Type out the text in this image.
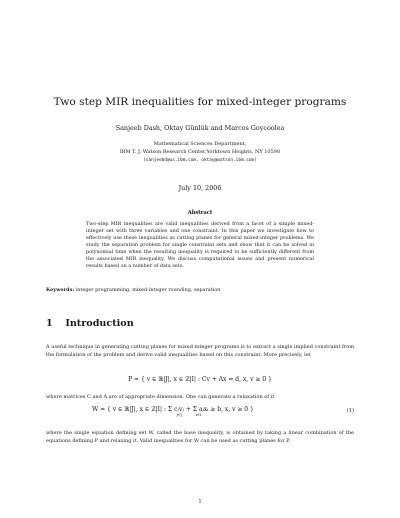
Two step MIR inequalities for mixed-integer programs
Sanjeeb Dash, Oktay Günlük and Marcos Goycoolea
Mathematical Sciences Department,
IBM T. J. Watson Research Center,Yorktown Heights, NY 10598
(sanjeebd@us.ibm.com, oktay@watson.ibm.com)
July 10, 2006
Abstract
Two-step MIR inequalities are valid inequalities derived from a facet of a simple mixed-integer set with three variables and one constraint. In this paper we investigate how to effectively use these inequalities as cutting planes for general mixed-integer problems. We study the separation problem for single constraint sets and show that it can be solved in polynomial time when the resulting inequality is required to be sufficiently different from the associated MIR inequality. We discuss computational issues and present numerical results based on a number of data sets.
Keywords: integer programming, mixed-integer rounding, separation
1 Introduction
A useful technique in generating cutting planes for mixed integer programs is to extract a single implied constraint from the formulation of the problem and derive valid inequalities based on this constraint. More precisely, let
P = { v ∈ ℝ|J|, x ∈ ℤ|I| : Cv + Ax = d, x, v ≥ 0 }
where matrices C and A are of appropriate dimension. One can generate a relaxation of it
W = { v ∈ ℝ|J|, x ∈ ℤ|I| : Σ cⱼvⱼ +
j∈J

Σ aᵢxᵢ ≥ b, x, v ≥ 0 }
i∈I
(1)
where the single equation defining set W, called the base inequality, is obtained by taking a linear combination of the equations defining P and relaxing it. Valid inequalities for W can be used as cutting planes for P.
1
